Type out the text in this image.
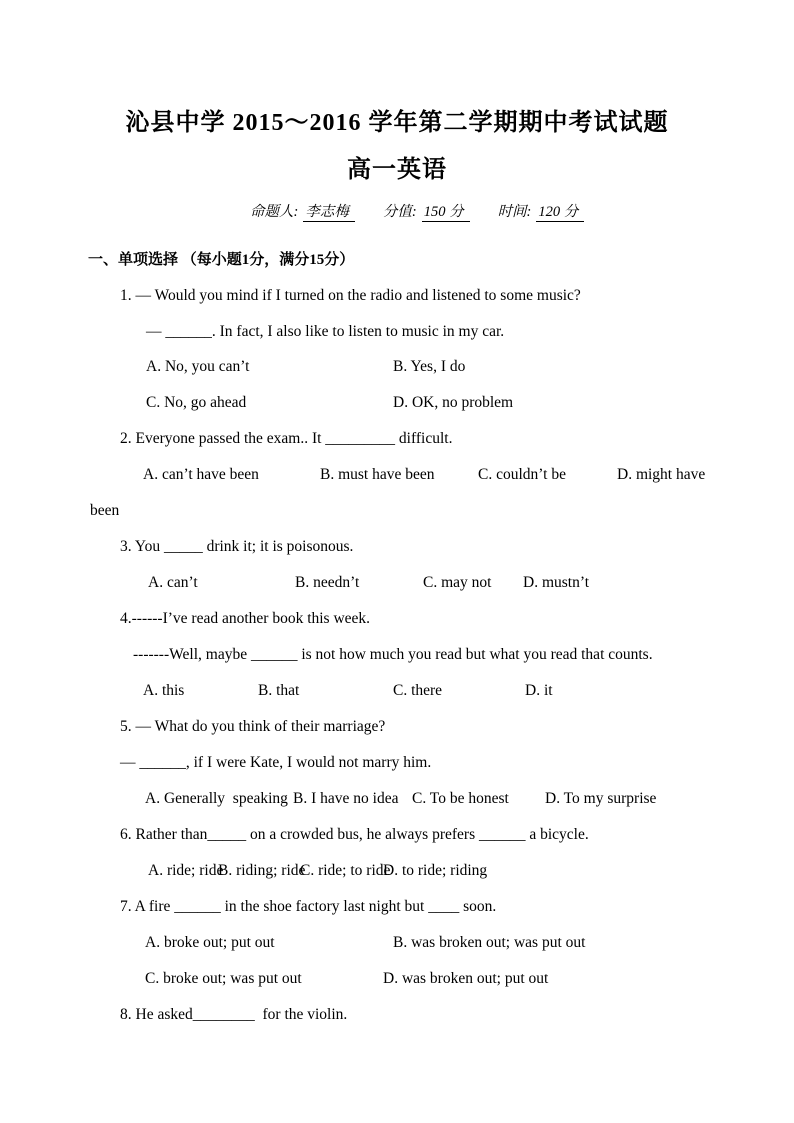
沁县中学 2015～2016 学年第二学期期中考试试题
高一英语
命题人: 李志梅	分值: 150 分	时间: 120 分
一、单项选择 （每小题1分，满分15分）
1. — Would you mind if I turned on the radio and listened to some music?
— ______. In fact, I also like to listen to music in my car.
A. No, you can’t	B. Yes, I do
C. No, go ahead	D. OK, no problem
2. Everyone passed the exam.. It _________ difficult.
A. can’t have been	B. must have been	C. couldn’t be	D. might have
been
3. You _____ drink it; it is poisonous.
A. can’t	B. needn’t	C. may not D. mustn’t
4.------I’ve read another book this week.
-------Well, maybe ______ is not how much you read but what you read that counts.
A. this	B. that	C. there	D. it
5. — What do you think of their marriage?
— ______, if I were Kate, I would not marry him.
A. Generally  speaking B. I have no idea C. To be honest D. To my surprise
6. Rather than_____ on a crowded bus, he always prefers ______ a bicycle.
A. ride; ride
B. riding; ride
C. ride; to ride
D. to ride; riding
7. A fire ______ in the shoe factory last night but ____ soon.
A. broke out; put out	B. was broken out; was put out
C. broke out; was put out	D. was broken out; put out
8. He asked________  for the violin.
